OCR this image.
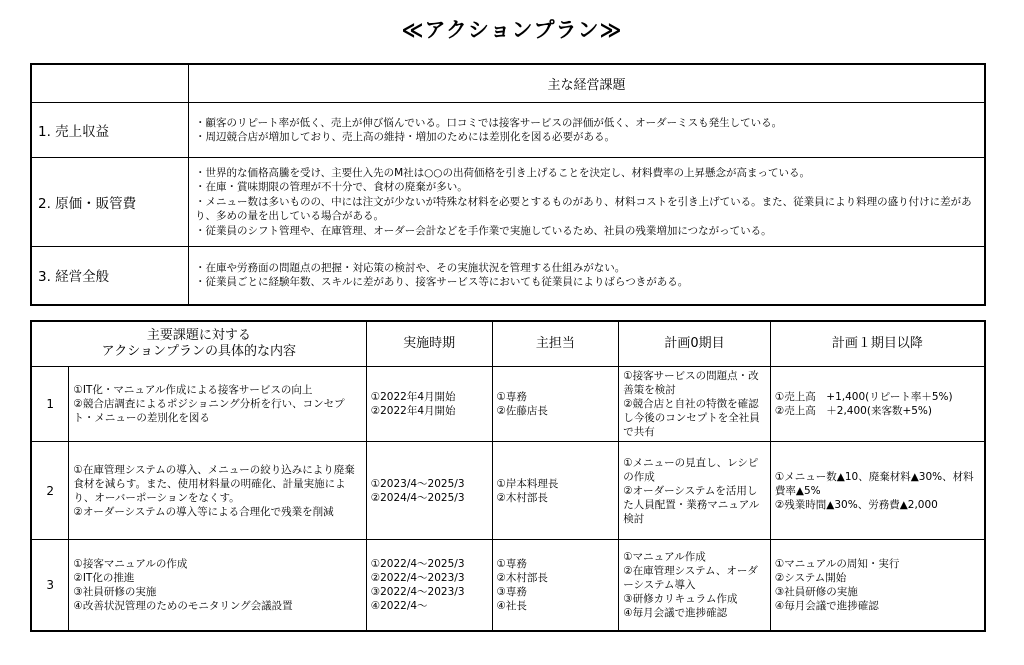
≪アクションプラン≫
	主な経営課題
1. 売上収益	・顧客のリピート率が低く、売上が伸び悩んでいる。口コミでは接客サービスの評価が低く、オーダーミスも発生している。
・周辺競合店が増加しており、売上高の維持・増加のためには差別化を図る必要がある。

2. 原価・販管費	・世界的な価格高騰を受け、主要仕入先のM社は○○の出荷価格を引き上げることを決定し、材料費率の上昇懸念が高まっている。
・在庫・賞味期限の管理が不十分で、食材の廃棄が多い。
・メニュー数は多いものの、中には注文が少ないが特殊な材料を必要とするものがあり、材料コストを引き上げている。また、従業員により料理の盛り付けに差があり、多めの量を出している場合がある。
・従業員のシフト管理や、在庫管理、オーダー会計などを手作業で実施しているため、社員の残業増加につながっている。

3. 経営全般	・在庫や労務面の問題点の把握・対応策の検討や、その実施状況を管理する仕組みがない。
・従業員ごとに経験年数、スキルに差があり、接客サービス等においても従業員によりばらつきがある。
主要課題に対する
アクションプランの具体的な内容		実施時期	主担当	計画0期目	計画１期目以降
1	①IT化・マニュアル作成による接客サービスの向上
②競合店調査によるポジショニング分析を行い、コンセプト・メニューの差別化を図る	①2022年4月開始
②2022年4月開始	①専務
②佐藤店長	①接客サービスの問題点・改善策を検討
②競合店と自社の特徴を確認し今後のコンセプトを全社員で共有	①売上高　+1,400(リピート率＋5%)
②売上高　＋2,400(来客数+5%)

2	①在庫管理システムの導入、メニューの絞り込みにより廃棄食材を減らす。また、使用材料量の明確化、計量実施により、オーバーポーションをなくす。
②オーダーシステムの導入等による合理化で残業を削減	①2023/4～2025/3
②2024/4～2025/3	①岸本料理長
②木村部長	①メニューの見直し、レシピの作成
②オーダーシステムを活用した人員配置・業務マニュアル検討	①メニュー数▲10、廃棄材料▲30%、材料費率▲5%
②残業時間▲30%、労務費▲2,000

3	①接客マニュアルの作成
②IT化の推進
③社員研修の実施
④改善状況管理のためのモニタリング会議設置	①2022/4～2025/3
②2022/4～2023/3
③2022/4～2023/3
④2022/4～	①専務
②木村部長
③専務
④社長	①マニュアル作成
②在庫管理システム、オーダーシステム導入
③研修カリキュラム作成
④毎月会議で進捗確認	①マニュアルの周知・実行
②システム開始
③社員研修の実施
④毎月会議で進捗確認
